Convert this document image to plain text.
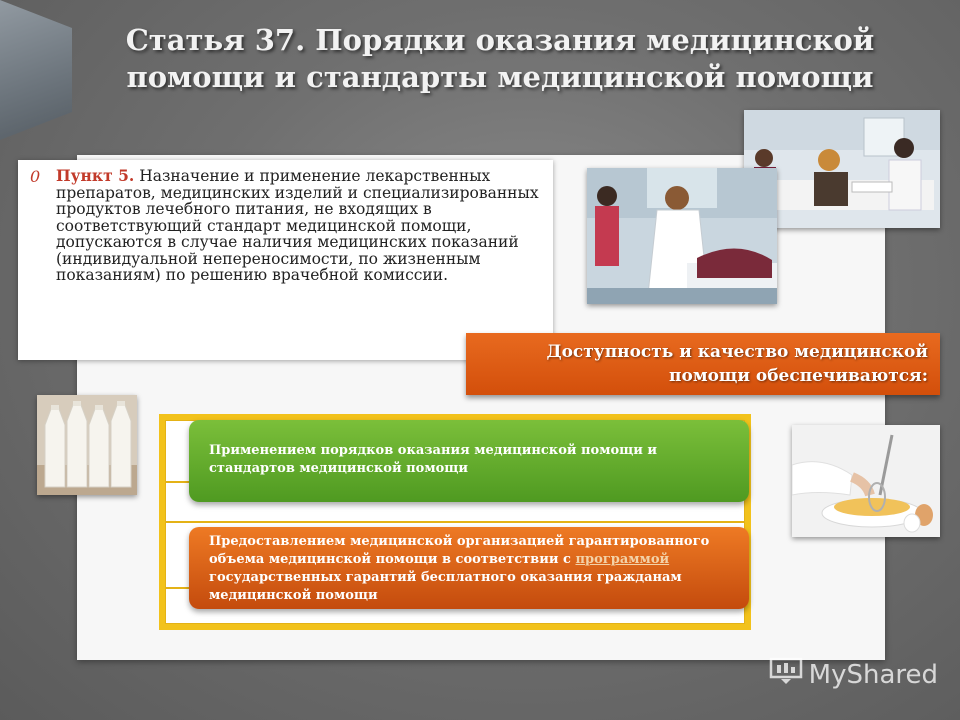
Статья 37. Порядки оказания медицинской
помощи и стандарты медицинской помощи
0 Пункт 5. Назначение и применение лекарственных препаратов, медицинских изделий и специализированных продуктов лечебного питания, не входящих в соответствующий стандарт медицинской помощи, допускаются в случае наличия медицинских показаний (индивидуальной непереносимости, по жизненным показаниям) по решению врачебной комиссии.
Доступность и качество медицинской
помощи обеспечиваются:
Применением порядков оказания медицинской помощи и стандартов медицинской помощи
Предоставлением медицинской организацией гарантированного объема медицинской помощи в соответствии с программой государственных гарантий бесплатного оказания гражданам медицинской помощи
MyShared
